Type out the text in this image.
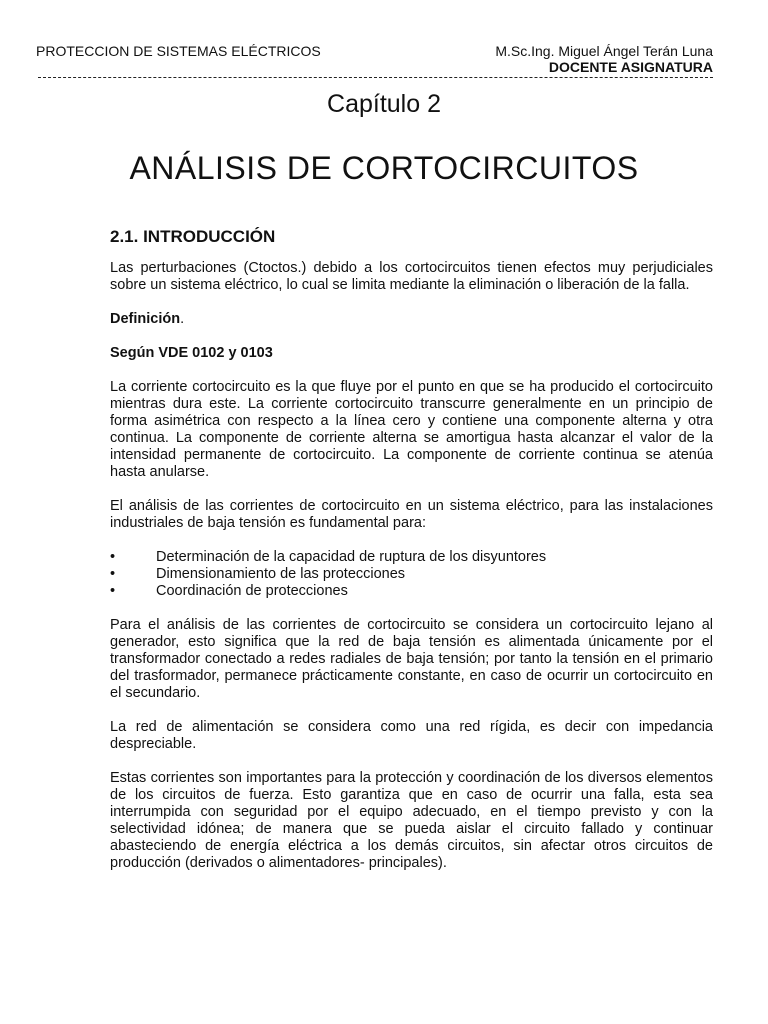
PROTECCION DE SISTEMAS ELÉCTRICOS	M.Sc.Ing. Miguel Ángel Terán Luna
DOCENTE ASIGNATURA
Capítulo 2
ANÁLISIS DE CORTOCIRCUITOS
2.1. INTRODUCCIÓN

Las perturbaciones (Ctoctos.) debido a los cortocircuitos tienen efectos muy perjudiciales sobre un sistema eléctrico, lo cual se limita mediante la eliminación o liberación de la falla.

Definición.

Según VDE 0102 y 0103

La corriente cortocircuito es la que fluye por el punto en que se ha producido el cortocircuito mientras dura este. La corriente cortocircuito transcurre generalmente en un principio de forma asimétrica con respecto a la línea cero y contiene una componente alterna y otra continua. La componente de corriente alterna se amortigua hasta alcanzar el valor de la intensidad permanente de cortocircuito. La componente de corriente continua se atenúa hasta anularse.

El análisis de las corrientes de cortocircuito en un sistema eléctrico, para las instalaciones industriales de baja tensión es fundamental para:

•	Determinación de la capacidad de ruptura de los disyuntores
•	Dimensionamiento de las protecciones
•	Coordinación de protecciones

Para el análisis de las corrientes de cortocircuito se considera un cortocircuito lejano al generador, esto significa que la red de baja tensión es alimentada únicamente por el transformador conectado a redes radiales de baja tensión; por tanto la tensión en el primario del trasformador, permanece prácticamente constante, en caso de ocurrir un cortocircuito en el secundario.

La red de alimentación se considera como una red rígida, es decir con impedancia despreciable.

Estas corrientes son importantes para la protección y coordinación de los diversos elementos de los circuitos de fuerza. Esto garantiza que en caso de ocurrir una falla, esta sea interrumpida con seguridad por el equipo adecuado, en el tiempo previsto y con la selectividad idónea; de manera que se pueda aislar el circuito fallado y continuar abasteciendo de energía eléctrica a los demás circuitos, sin afectar otros circuitos de producción (derivados o alimentadores- principales).
